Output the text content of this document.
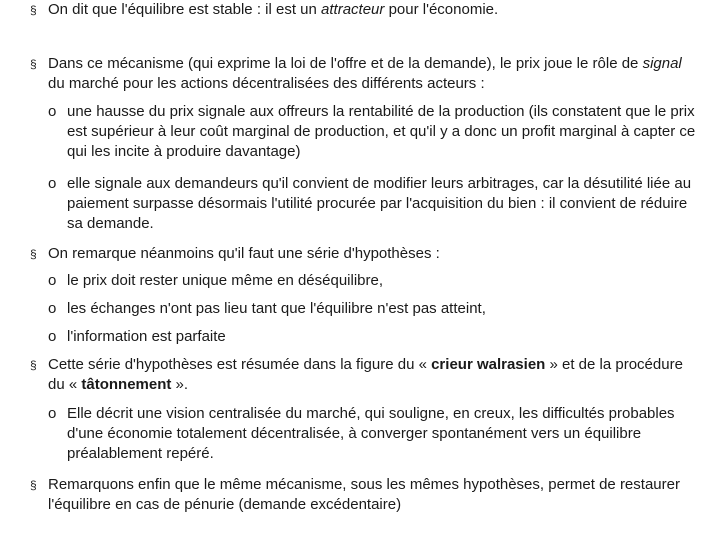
§ On dit que l'équilibre est stable : il est un attracteur pour l'économie.
§ Dans ce mécanisme (qui exprime la loi de l'offre et de la demande), le prix joue le rôle de signal du marché pour les actions décentralisées des différents acteurs :
o une hausse du prix signale aux offreurs la rentabilité de la production (ils constatent que le prix est supérieur à leur coût marginal de production, et qu'il y a donc un profit marginal à capter ce qui les incite à produire davantage)
o elle signale aux demandeurs qu'il convient de modifier leurs arbitrages, car la désutilité liée au paiement surpasse désormais l'utilité procurée par l'acquisition du bien : il convient de réduire sa demande.
§ On remarque néanmoins qu'il faut une série d'hypothèses :
o le prix doit rester unique même en déséquilibre,
o les échanges n'ont pas lieu tant que l'équilibre n'est pas atteint,
o l'information est parfaite
§ Cette série d'hypothèses est résumée dans la figure du « crieur walrasien » et de la procédure du « tâtonnement ».
o Elle décrit une vision centralisée du marché, qui souligne, en creux, les difficultés probables d'une économie totalement décentralisée, à converger spontanément vers un équilibre préalablement repéré.
§ Remarquons enfin que le même mécanisme, sous les mêmes hypothèses, permet de restaurer l'équilibre en cas de pénurie (demande excédentaire)
